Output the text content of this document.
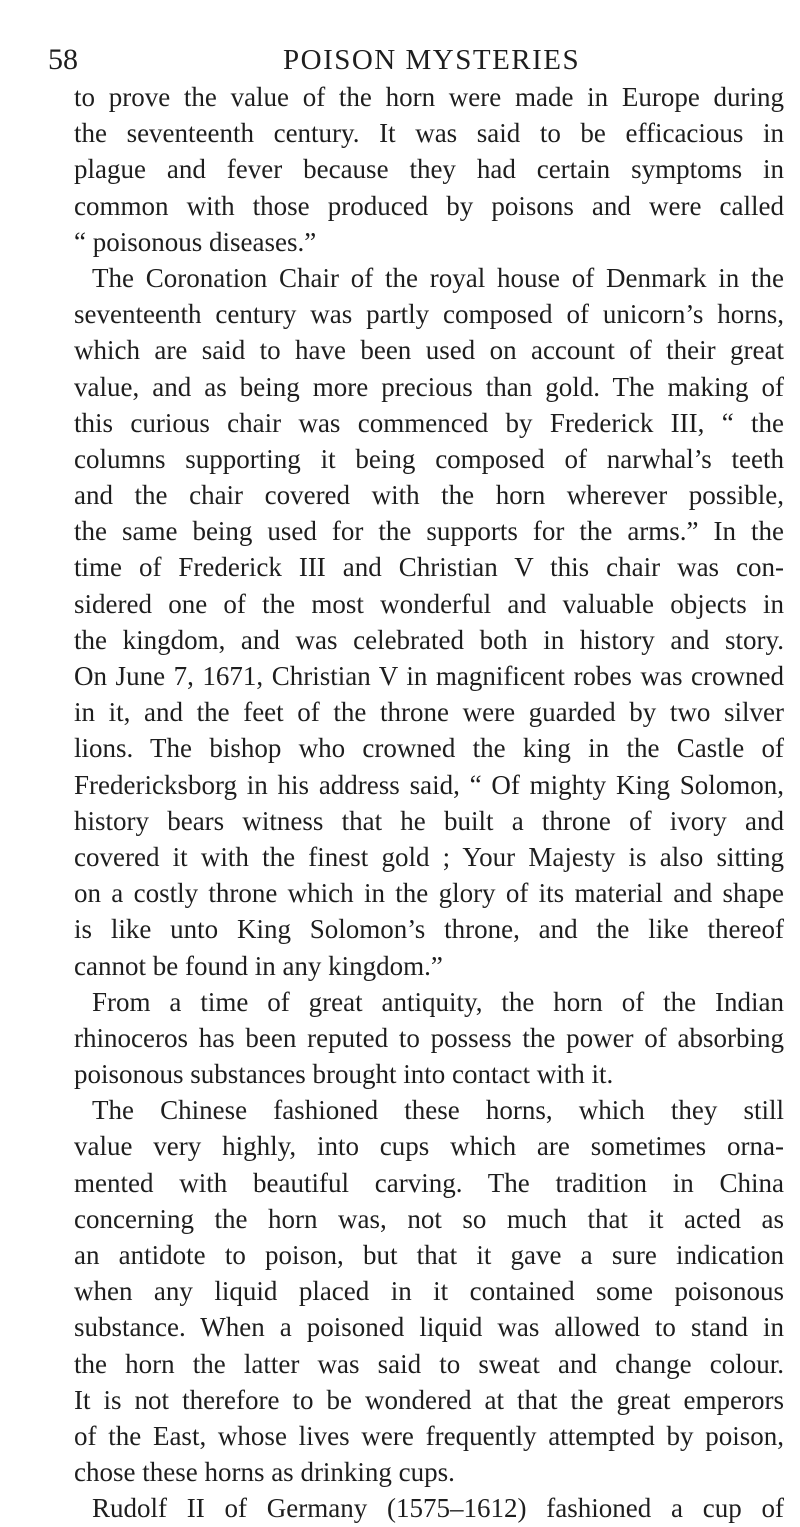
58	POISON MYSTERIES
to prove the value of the horn were made in Europe during
the seventeenth century. It was said to be efficacious in
plague and fever because they had certain symptoms in
common with those produced by poisons and were called
“ poisonous diseases.”
The Coronation Chair of the royal house of Denmark in the
seventeenth century was partly composed of unicorn’s horns,
which are said to have been used on account of their great
value, and as being more precious than gold. The making of
this curious chair was commenced by Frederick III, “ the
columns supporting it being composed of narwhal’s teeth
and the chair covered with the horn wherever possible,
the same being used for the supports for the arms.” In the
time of Frederick III and Christian V this chair was con-
sidered one of the most wonderful and valuable objects in
the kingdom, and was celebrated both in history and story.
On June 7, 1671, Christian V in magnificent robes was crowned
in it, and the feet of the throne were guarded by two silver
lions. The bishop who crowned the king in the Castle of
Fredericksborg in his address said, “ Of mighty King Solomon,
history bears witness that he built a throne of ivory and
covered it with the finest gold ; Your Majesty is also sitting
on a costly throne which in the glory of its material and shape
is like unto King Solomon’s throne, and the like thereof
cannot be found in any kingdom.”
From a time of great antiquity, the horn of the Indian
rhinoceros has been reputed to possess the power of absorbing
poisonous substances brought into contact with it.
The Chinese fashioned these horns, which they still
value very highly, into cups which are sometimes orna-
mented with beautiful carving. The tradition in China
concerning the horn was, not so much that it acted as
an antidote to poison, but that it gave a sure indication
when any liquid placed in it contained some poisonous
substance. When a poisoned liquid was allowed to stand in
the horn the latter was said to sweat and change colour.
It is not therefore to be wondered at that the great emperors
of the East, whose lives were frequently attempted by poison,
chose these horns as drinking cups.
Rudolf II of Germany (1575–1612) fashioned a cup of
